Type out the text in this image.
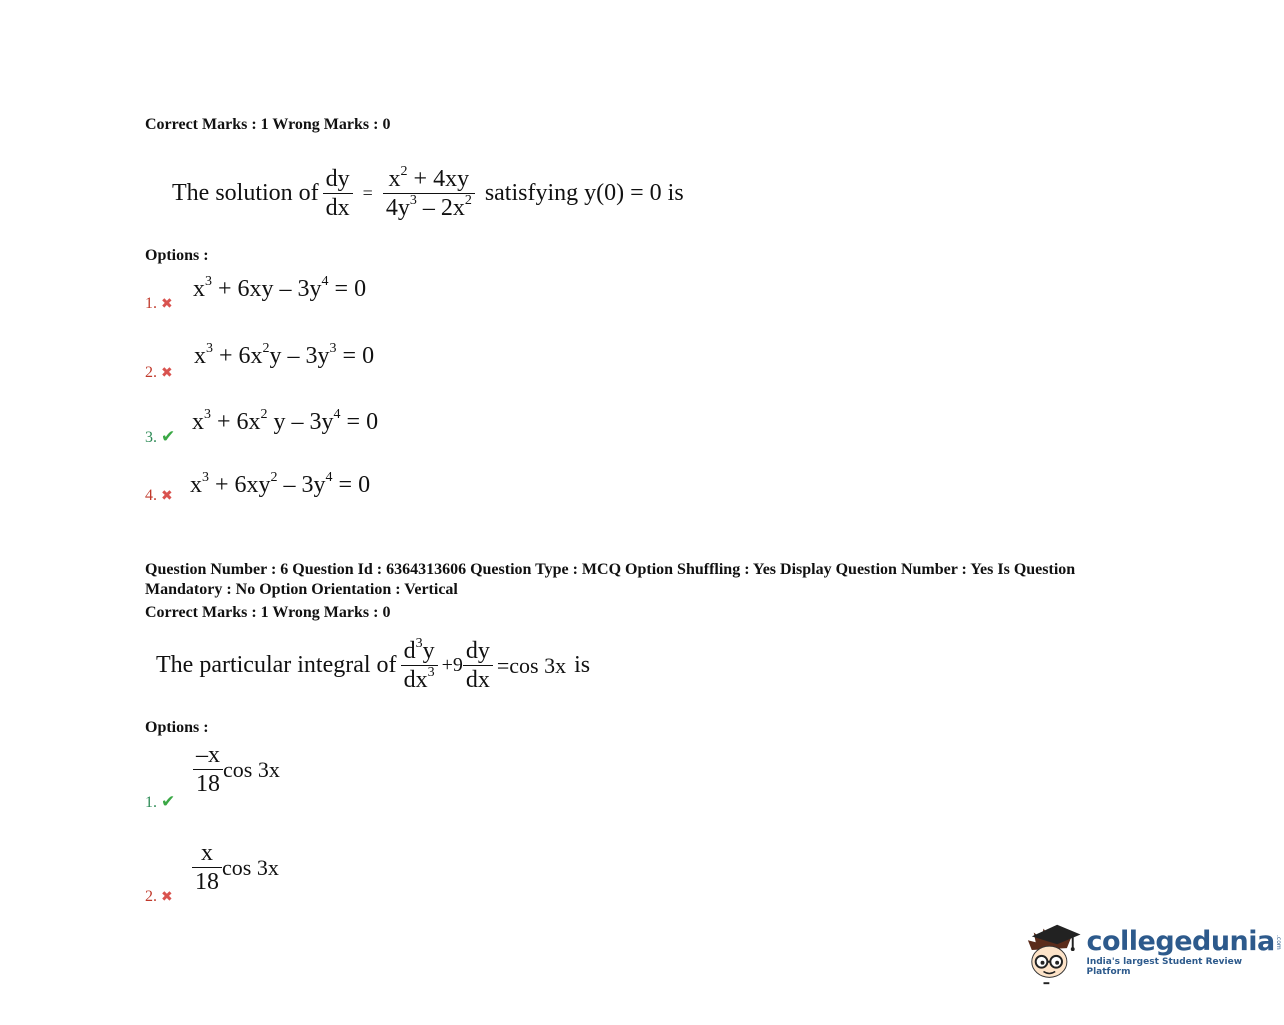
Correct Marks : 1 Wrong Marks : 0
The solution of $\frac{dy}{dx} = \frac{x^2 + 4xy}{4y^3 - 2x^2}$ satisfying y(0) = 0 is
Options :
1. ✖
$x^3 + 6xy - 3y^4 = 0$
2. ✖
$x^3 + 6x^2y - 3y^3 = 0$
3. ✔
$x^3 + 6x^2$ $y - 3y^4 = 0$
4. ✖ $x^3 + 6xy^2 - 3y^4 = 0$
Question Number : 6 Question Id : 6364313606 Question Type : MCQ Option Shuffling : Yes Display Question Number : Yes Is Question
Mandatory : No Option Orientation : Vertical
Correct Marks : 1 Wrong Marks : 0
The particular integral of $\frac{d^3y}{dx^3} +9 \frac{dy}{dx} =\cos$ 3x is
Options :
$\frac{-x}{18}$ cos 3x
1. ✔
$\frac{x}{18}$ cos 3x
2. ✖
collegedunia .com
India's largest Student Review Platform
